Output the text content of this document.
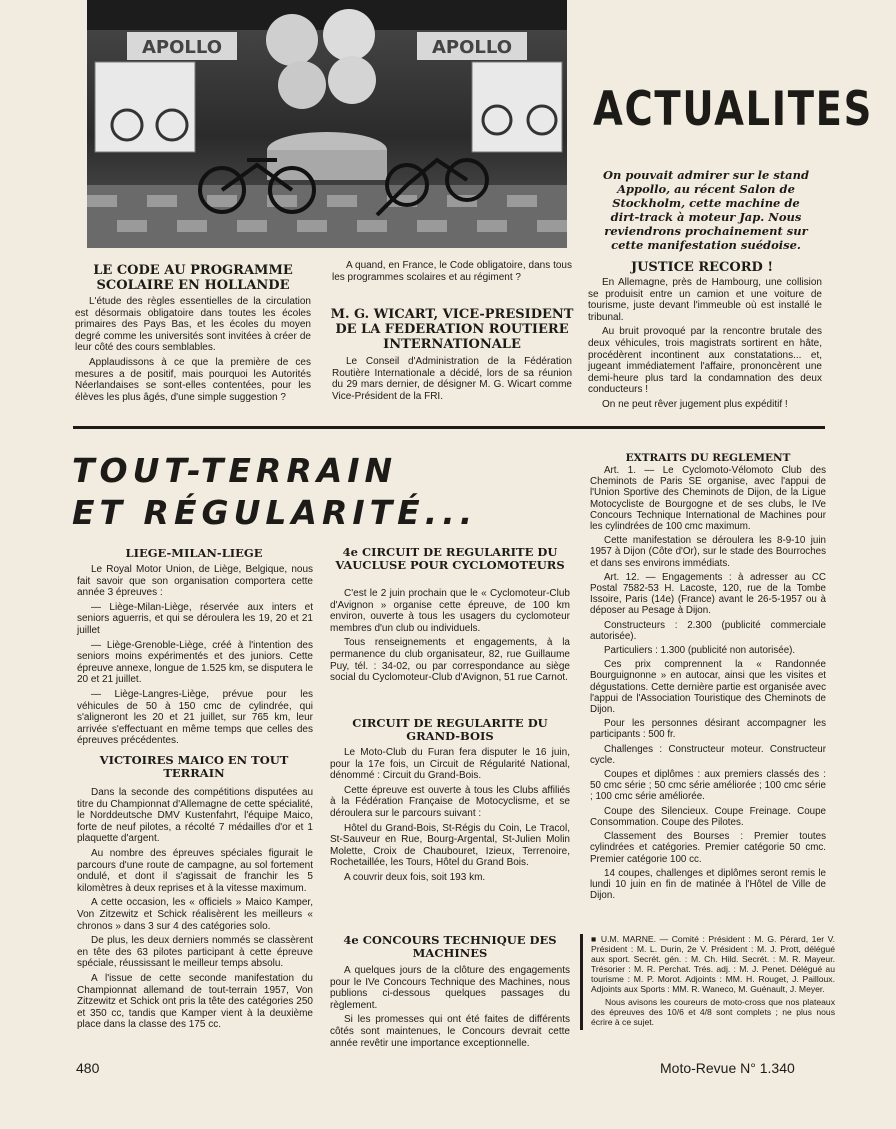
APOLLO	APOLLO
ACTUALITES
On pouvait admirer sur le stand Appollo, au récent Salon de Stockholm, cette machine de dirt-track à moteur Jap. Nous reviendrons prochainement sur cette manifestation suédoise.
LE CODE AU PROGRAMME SCOLAIRE EN HOLLANDE

L'étude des règles essentielles de la circulation est désormais obligatoire dans toutes les écoles primaires des Pays Bas, et les écoles du moyen degré comme les universités sont invitées à créer de leur côté des cours semblables.

Applaudissons à ce que la première de ces mesures a de positif, mais pourquoi les Autorités Néerlandaises se sont-elles contentées, pour les élèves les plus âgés, d'une simple suggestion ?

A quand, en France, le Code obligatoire, dans tous les programmes scolaires et au régiment ?

M. G. WICART, VICE-PRESIDENT DE LA FEDERATION ROUTIERE INTERNATIONALE

Le Conseil d'Administration de la Fédération Routière Internationale a décidé, lors de sa réunion du 29 mars dernier, de désigner M. G. Wicart comme Vice-Président de la FRI.

JUSTICE RECORD !

En Allemagne, près de Hambourg, une collision se produisit entre un camion et une voiture de tourisme, juste devant l'immeuble où est installé le tribunal.

Au bruit provoqué par la rencontre brutale des deux véhicules, trois magistrats sortirent en hâte, procédèrent incontinent aux constatations... et, jugeant immédiatement l'affaire, prononcèrent une demi-heure plus tard la condamnation des deux conducteurs !

On ne peut rêver jugement plus expéditif !

TOUT-TERRAIN
ET RÉGULARITÉ...
LIEGE-MILAN-LIEGE

Le Royal Motor Union, de Liège, Belgique, nous fait savoir que son organisation comportera cette année 3 épreuves :

— Liège-Milan-Liège, réservée aux inters et seniors aguerris, et qui se déroulera les 19, 20 et 21 juillet

— Liège-Grenoble-Liège, créé à l'intention des seniors moins expérimentés et des juniors. Cette épreuve annexe, longue de 1.525 km, se disputera le 20 et 21 juillet.

— Liège-Langres-Liège, prévue pour les véhicules de 50 à 150 cmc de cylindrée, qui s'aligneront les 20 et 21 juillet, sur 765 km, leur arrivée s'effectuant en même temps que celles des épreuves précédentes.

VICTOIRES MAICO EN TOUT TERRAIN

Dans la seconde des compétitions disputées au titre du Championnat d'Allemagne de cette spécialité, le Norddeutsche DMV Kustenfahrt, l'équipe Maico, forte de neuf pilotes, a récolté 7 médailles d'or et 1 plaquette d'argent.

Au nombre des épreuves spéciales figurait le parcours d'une route de campagne, au sol fortement ondulé, et dont il s'agissait de franchir les 5 kilomètres à deux reprises et à la vitesse maximum.

A cette occasion, les « officiels » Maico Kamper, Von Zitzewitz et Schick réalisèrent les meilleurs « chronos » dans 3 sur 4 des catégories solo.

De plus, les deux derniers nommés se classèrent en tête des 63 pilotes participant à cette épreuve spéciale, réussissant le meilleur temps absolu.

A l'issue de cette seconde manifestation du Championnat allemand de tout-terrain 1957, Von Zitzewitz et Schick ont pris la tête des catégories 250 et 350 cc, tandis que Kamper vient à la deuxième place dans la classe des 175 cc.

4e CIRCUIT DE REGULARITE DU VAUCLUSE POUR CYCLOMOTEURS

C'est le 2 juin prochain que le « Cyclomoteur-Club d'Avignon » organise cette épreuve, de 100 km environ, ouverte à tous les usagers du cyclomoteur membres d'un club ou individuels.

Tous renseignements et engagements, à la permanence du club organisateur, 82, rue Guillaume Puy, tél. : 34-02, ou par correspondance au siège social du Cyclomoteur-Club d'Avignon, 51 rue Carnot.

CIRCUIT DE REGULARITE DU GRAND-BOIS

Le Moto-Club du Furan fera disputer le 16 juin, pour la 17e fois, un Circuit de Régularité National, dénommé : Circuit du Grand-Bois.

Cette épreuve est ouverte à tous les Clubs affiliés à la Fédération Française de Motocyclisme, et se déroulera sur le parcours suivant :

Hôtel du Grand-Bois, St-Régis du Coin, Le Tracol, St-Sauveur en Rue, Bourg-Argental, St-Julien Molin Molette, Croix de Chaubouret, Izieux, Terrenoire, Rochetaillée, les Tours, Hôtel du Grand Bois.

A couvrir deux fois, soit 193 km.

4e CONCOURS TECHNIQUE DES MACHINES

A quelques jours de la clôture des engagements pour le IVe Concours Technique des Machines, nous publions ci-dessous quelques passages du règlement.

Si les promesses qui ont été faites de différents côtés sont maintenues, le Concours devrait cette année revêtir une importance exceptionnelle.

EXTRAITS DU REGLEMENT

Art. 1. — Le Cyclomoto-Vélomoto Club des Cheminots de Paris SE organise, avec l'appui de l'Union Sportive des Cheminots de Dijon, de la Ligue Motocycliste de Bourgogne et de ses clubs, le IVe Concours Technique International de Machines pour les cylindrées de 100 cmc maximum.

Cette manifestation se déroulera les 8-9-10 juin 1957 à Dijon (Côte d'Or), sur le stade des Bourroches et dans ses environs immédiats.

Art. 12. — Engagements : à adresser au CC Postal 7582-53 H. Lacoste, 120, rue de la Tombe Issoire, Paris (14e) (France) avant le 26-5-1957 ou à déposer au Pesage à Dijon.

Constructeurs : 2.300 (publicité commerciale autorisée).

Particuliers : 1.300 (publicité non autorisée).

Ces prix comprennent la « Randonnée Bourguignonne » en autocar, ainsi que les visites et dégustations. Cette dernière partie est organisée avec l'appui de l'Association Touristique des Cheminots de Dijon.

Pour les personnes désirant accompagner les participants : 500 fr.

Challenges : Constructeur moteur. Constructeur cycle.

Coupes et diplômes : aux premiers classés des : 50 cmc série ; 50 cmc série améliorée ; 100 cmc série ; 100 cmc série améliorée.

Coupe des Silencieux. Coupe Freinage. Coupe Consommation. Coupe des Pilotes.

Classement des Bourses : Premier toutes cylindrées et catégories. Premier catégorie 50 cmc. Premier catégorie 100 cc.

14 coupes, challenges et diplômes seront remis le lundi 10 juin en fin de matinée à l'Hôtel de Ville de Dijon.

■ U.M. MARNE. — Comité : Président : M. G. Pérard, 1er V. Président : M. L. Durin, 2e V. Président : M. J. Prott, délégué aux sport. Secrét. gén. : M. Ch. Hild. Secrét. : M. R. Mayeur. Trésorier : M. R. Perchat. Trés. adj. : M. J. Penet. Délégué au tourisme : M. P. Morot. Adjoints : MM. H. Rouget, J. Pailloux. Adjoints aux Sports : MM. R. Waneco, M. Guénault, J. Meyer.

Nous avisons les coureurs de moto-cross que nos plateaux des épreuves des 10/6 et 4/8 sont complets ; ne plus nous écrire à ce sujet.

480	Moto-Revue N° 1.340
